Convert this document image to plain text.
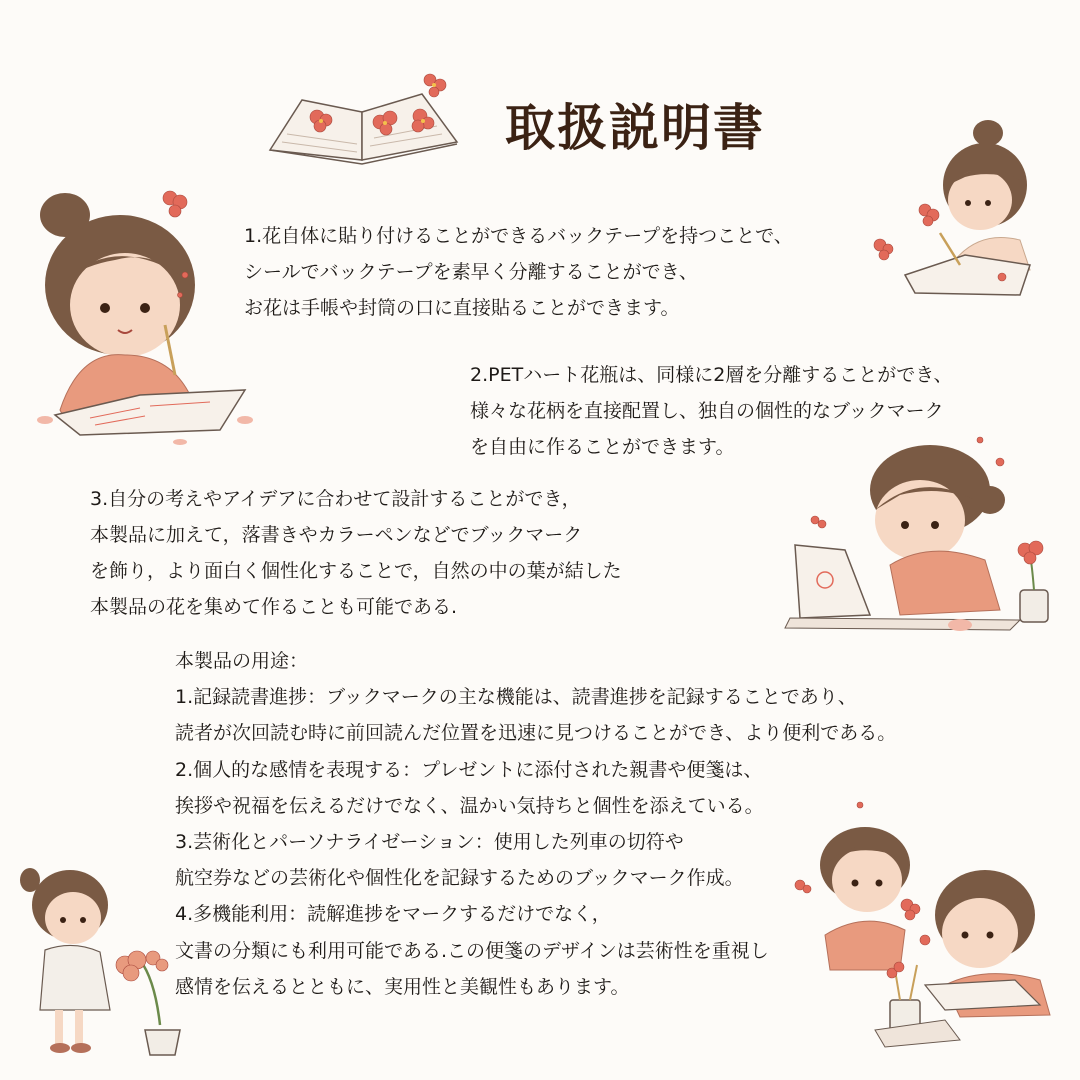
取扱説明書
1.花自体に貼り付けることができるバックテープを持つことで、
シールでバックテープを素早く分離することができ、
お花は手帳や封筒の口に直接貼ることができます。
2.PETハート花瓶は、同様に2層を分離することができ、
様々な花柄を直接配置し、独自の個性的なブックマーク
を自由に作ることができます。
3.自分の考えやアイデアに合わせて設計することができ，
本製品に加えて，落書きやカラーペンなどでブックマーク
を飾り，より面白く個性化することで，自然の中の葉が結した
本製品の花を集めて作ることも可能である.
本製品の用途：
1.記録読書進捗：ブックマークの主な機能は、読書進捗を記録することであり、
読者が次回読む時に前回読んだ位置を迅速に見つけることができ、より便利である。
2.個人的な感情を表現する：プレゼントに添付された親書や便箋は、
挨拶や祝福を伝えるだけでなく、温かい気持ちと個性を添えている。
3.芸術化とパーソナライゼーション：使用した列車の切符や
航空券などの芸術化や個性化を記録するためのブックマーク作成。
4.多機能利用：読解進捗をマークするだけでなく，
文書の分類にも利用可能である.この便箋のデザインは芸術性を重視し
感情を伝えるとともに、実用性と美観性もあります。
